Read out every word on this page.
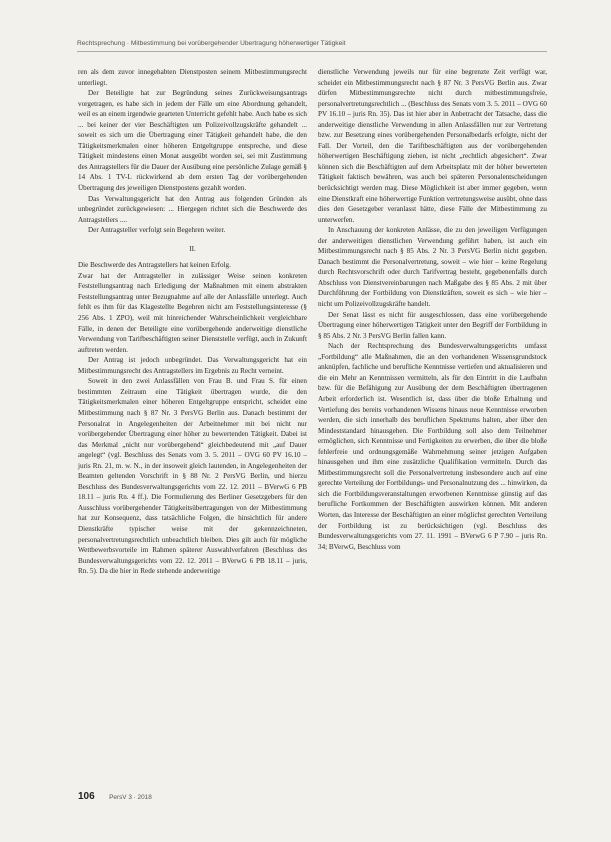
Rechtsprechung · Mitbestimmung bei vorübergehender Übertragung höherwertiger Tätigkeit

ren als dem zuvor innegehabten Dienstposten seinem Mitbestimmungsrecht unterliegt.

Der Beteiligte hat zur Begründung seines Zurückweisungsantrags vorgetragen, es habe sich in jedem der Fälle um eine Abordnung gehandelt, weil es an einem irgendwie gearteten Unterricht gefehlt habe. Auch habe es sich ... bei keiner der vier Beschäftigten um Polizeivollzugskräfte gehandelt ... soweit es sich um die Übertragung einer Tätigkeit gehandelt habe, die den Tätigkeitsmerkmalen einer höheren Entgeltgruppe entspreche, und diese Tätigkeit mindestens einen Monat ausgeübt worden sei, sei mit Zustimmung des Antragstellers für die Dauer der Ausübung eine persönliche Zulage gemäß § 14 Abs. 1 TV-L rückwirkend ab dem ersten Tag der vorübergehenden Übertragung des jeweiligen Dienstpostens gezahlt worden.

Das Verwaltungsgericht hat den Antrag aus folgenden Gründen als unbegründet zurückgewiesen: ... Hiergegen richtet sich die Beschwerde des Antragstellers ....

Der Antragsteller verfolgt sein Begehren weiter.

II.

Die Beschwerde des Antragstellers hat keinen Erfolg.

Zwar hat der Antragsteller in zulässiger Weise seinen konkreten Feststellungsantrag nach Erledigung der Maßnahmen mit einem abstrakten Feststellungsantrag unter Bezugnahme auf alle der Anlassfälle unterlegt. Auch fehlt es ihm für das Klagestellte Begehren nicht am Feststellungsinteresse (§ 256 Abs. 1 ZPO), weil mit hinreichender Wahrscheinlichkeit vergleichbare Fälle, in denen der Beteiligte eine vorübergehende anderweitige dienstliche Verwendung von Tarifbeschäftigten seiner Dienststelle verfügt, auch in Zukunft auftreten werden.

Der Antrag ist jedoch unbegründet. Das Verwaltungsgericht hat ein Mitbestimmungsrecht des Antragstellers im Ergebnis zu Recht verneint.

Soweit in den zwei Anlassfällen von Frau B. und Frau S. für einen bestimmten Zeitraum eine Tätigkeit übertragen wurde, die den Tätigkeitsmerkmalen einer höheren Entgeltgruppe entspricht, scheidet eine Mitbestimmung nach § 87 Nr. 3 PersVG Berlin aus. Danach bestimmt der Personalrat in Angelegenheiten der Arbeitnehmer mit bei nicht nur vorübergehender Übertragung einer höher zu bewertenden Tätigkeit. Dabei ist das Merkmal „nicht nur vorübergehend“ gleichbedeutend mit „auf Dauer angelegt“ (vgl. Beschluss des Senats vom 3. 5. 2011 – OVG 60 PV 16.10 – juris Rn. 21, m. w. N., in der insoweit gleich lautenden, in Angelegenheiten der Beamten geltenden Vorschrift in § 88 Nr. 2 PersVG Berlin, und hierzu Beschluss des Bundesverwaltungsgerichts vom 22. 12. 2011 – BVerwG 6 PB 18.11 – juris Rn. 4 ff.). Die Formulierung des Berliner Gesetzgebers für den Ausschluss vorübergehender Tätigkeitsübertragungen von der Mitbestimmung hat zur Konsequenz, dass tatsächliche Folgen, die hinsichtlich für andere Dienstkräfte typischer weise mit der gekennzeichneten, personalvertretungsrechtlich unbeachtlich bleiben. Dies gilt auch für mögliche Wettbewerbsvorteile im Rahmen späterer Auswahlverfahren (Beschluss des Bundesverwaltungsgerichts vom 22. 12. 2011 – BVerwG 6 PB 18.11 – juris, Rn. 5). Da die hier in Rede stehende anderweitige

dienstliche Verwendung jeweils nur für eine begrenzte Zeit verfügt war, scheidet ein Mitbestimmungsrecht nach § 87 Nr. 3 PersVG Berlin aus. Zwar dürfen Mitbestimmungsrechte nicht durch mitbestimmungsfreie, personalvertretungsrechtlich ... (Beschluss des Senats vom 3. 5. 2011 – OVG 60 PV 16.10 – juris Rn. 35). Das ist hier aber in Anbetracht der Tatsache, dass die anderweitige dienstliche Verwendung in allen Anlassfällen nur zur Vertretung bzw. zur Besetzung eines vorübergehenden Personalbedarfs erfolgte, nicht der Fall. Der Vorteil, den die Tariftbeschäftigten aus der vorübergehenden höherwertigen Beschäftigung ziehen, ist nicht „rechtlich abgesichert“. Zwar können sich die Beschäftigten auf dem Arbeitsplatz mit der höher bewerteten Tätigkeit faktisch bewähren, was auch bei späteren Personalentscheidungen berücksichtigt werden mag. Diese Möglichkeit ist aber immer gegeben, wenn eine Dienstkraft eine höherwertige Funktion vertretungsweise ausübt, ohne dass dies den Gesetzgeber veranlasst hätte, diese Fälle der Mitbestimmung zu unterwerfen.

In Anschauung der konkreten Anlässe, die zu den jeweiligen Verfügungen der anderweitigen dienstlichen Verwendung geführt haben, ist auch ein Mitbestimmungsrecht nach § 85 Abs. 2 Nr. 3 PersVG Berlin nicht gegeben. Danach bestimmt die Personalvertretung, soweit – wie hier – keine Regelung durch Rechtsvorschrift oder durch Tarifvertrag besteht, gegebenenfalls durch Abschluss von Dienstvereinbarungen nach Maßgabe des § 85 Abs. 2 mit über Durchführung der Fortbildung von Dienstkräften, soweit es sich – wie hier – nicht um Polizeivollzugskräfte handelt.

Der Senat lässt es nicht für ausgeschlossen, dass eine vorübergehende Übertragung einer höherwertigen Tätigkeit unter den Begriff der Fortbildung in § 85 Abs. 2 Nr. 3 PersVG Berlin fallen kann.

Nach der Rechtsprechung des Bundesverwaltungsgerichts umfasst „Fortbildung“ alle Maßnahmen, die an den vorhandenen Wissensgrundstock anknüpfen, fachliche und berufliche Kenntnisse vertiefen und aktualisieren und die ein Mehr an Kenntnissen vermitteln, als für den Eintritt in die Laufbahn bzw. für die Befähigung zur Ausübung der dem Beschäftigten übertragenen Arbeit erforderlich ist. Wesentlich ist, dass über die bloße Erhaltung und Vertiefung des bereits vorhandenen Wissens hinaus neue Kenntnisse erworben werden, die sich innerhalb des beruflichen Spektrums halten, aber über den Mindeststandard hinausgehen. Die Fortbildung soll also dem Teilnehmer ermöglichen, sich Kenntnisse und Fertigkeiten zu erwerben, die über die bloße fehlerfreie und ordnungsgemäße Wahrnehmung seiner jetzigen Aufgaben hinausgehen und ihm eine zusätzliche Qualifikation vermitteln. Durch das Mitbestimmungsrecht soll die Personalvertretung insbesondere auch auf eine gerechte Verteilung der Fortbildungs- und Personalnutzung des ... hinwirken, da sich die Fortbildungsveranstaltungen erworbenen Kenntnisse günstig auf das berufliche Fortkommen der Beschäftigten auswirken können. Mit anderen Worten, das Interesse der Beschäftigten an einer möglichst gerechten Verteilung der Fortbildung ist zu berücksichtigen (vgl. Beschluss des Bundesverwaltungsgerichts vom 27. 11. 1991 – BVerwG 6 P 7.90 – juris Rn. 34; BVerwG, Beschluss vom

106 PersV 3 · 2018
